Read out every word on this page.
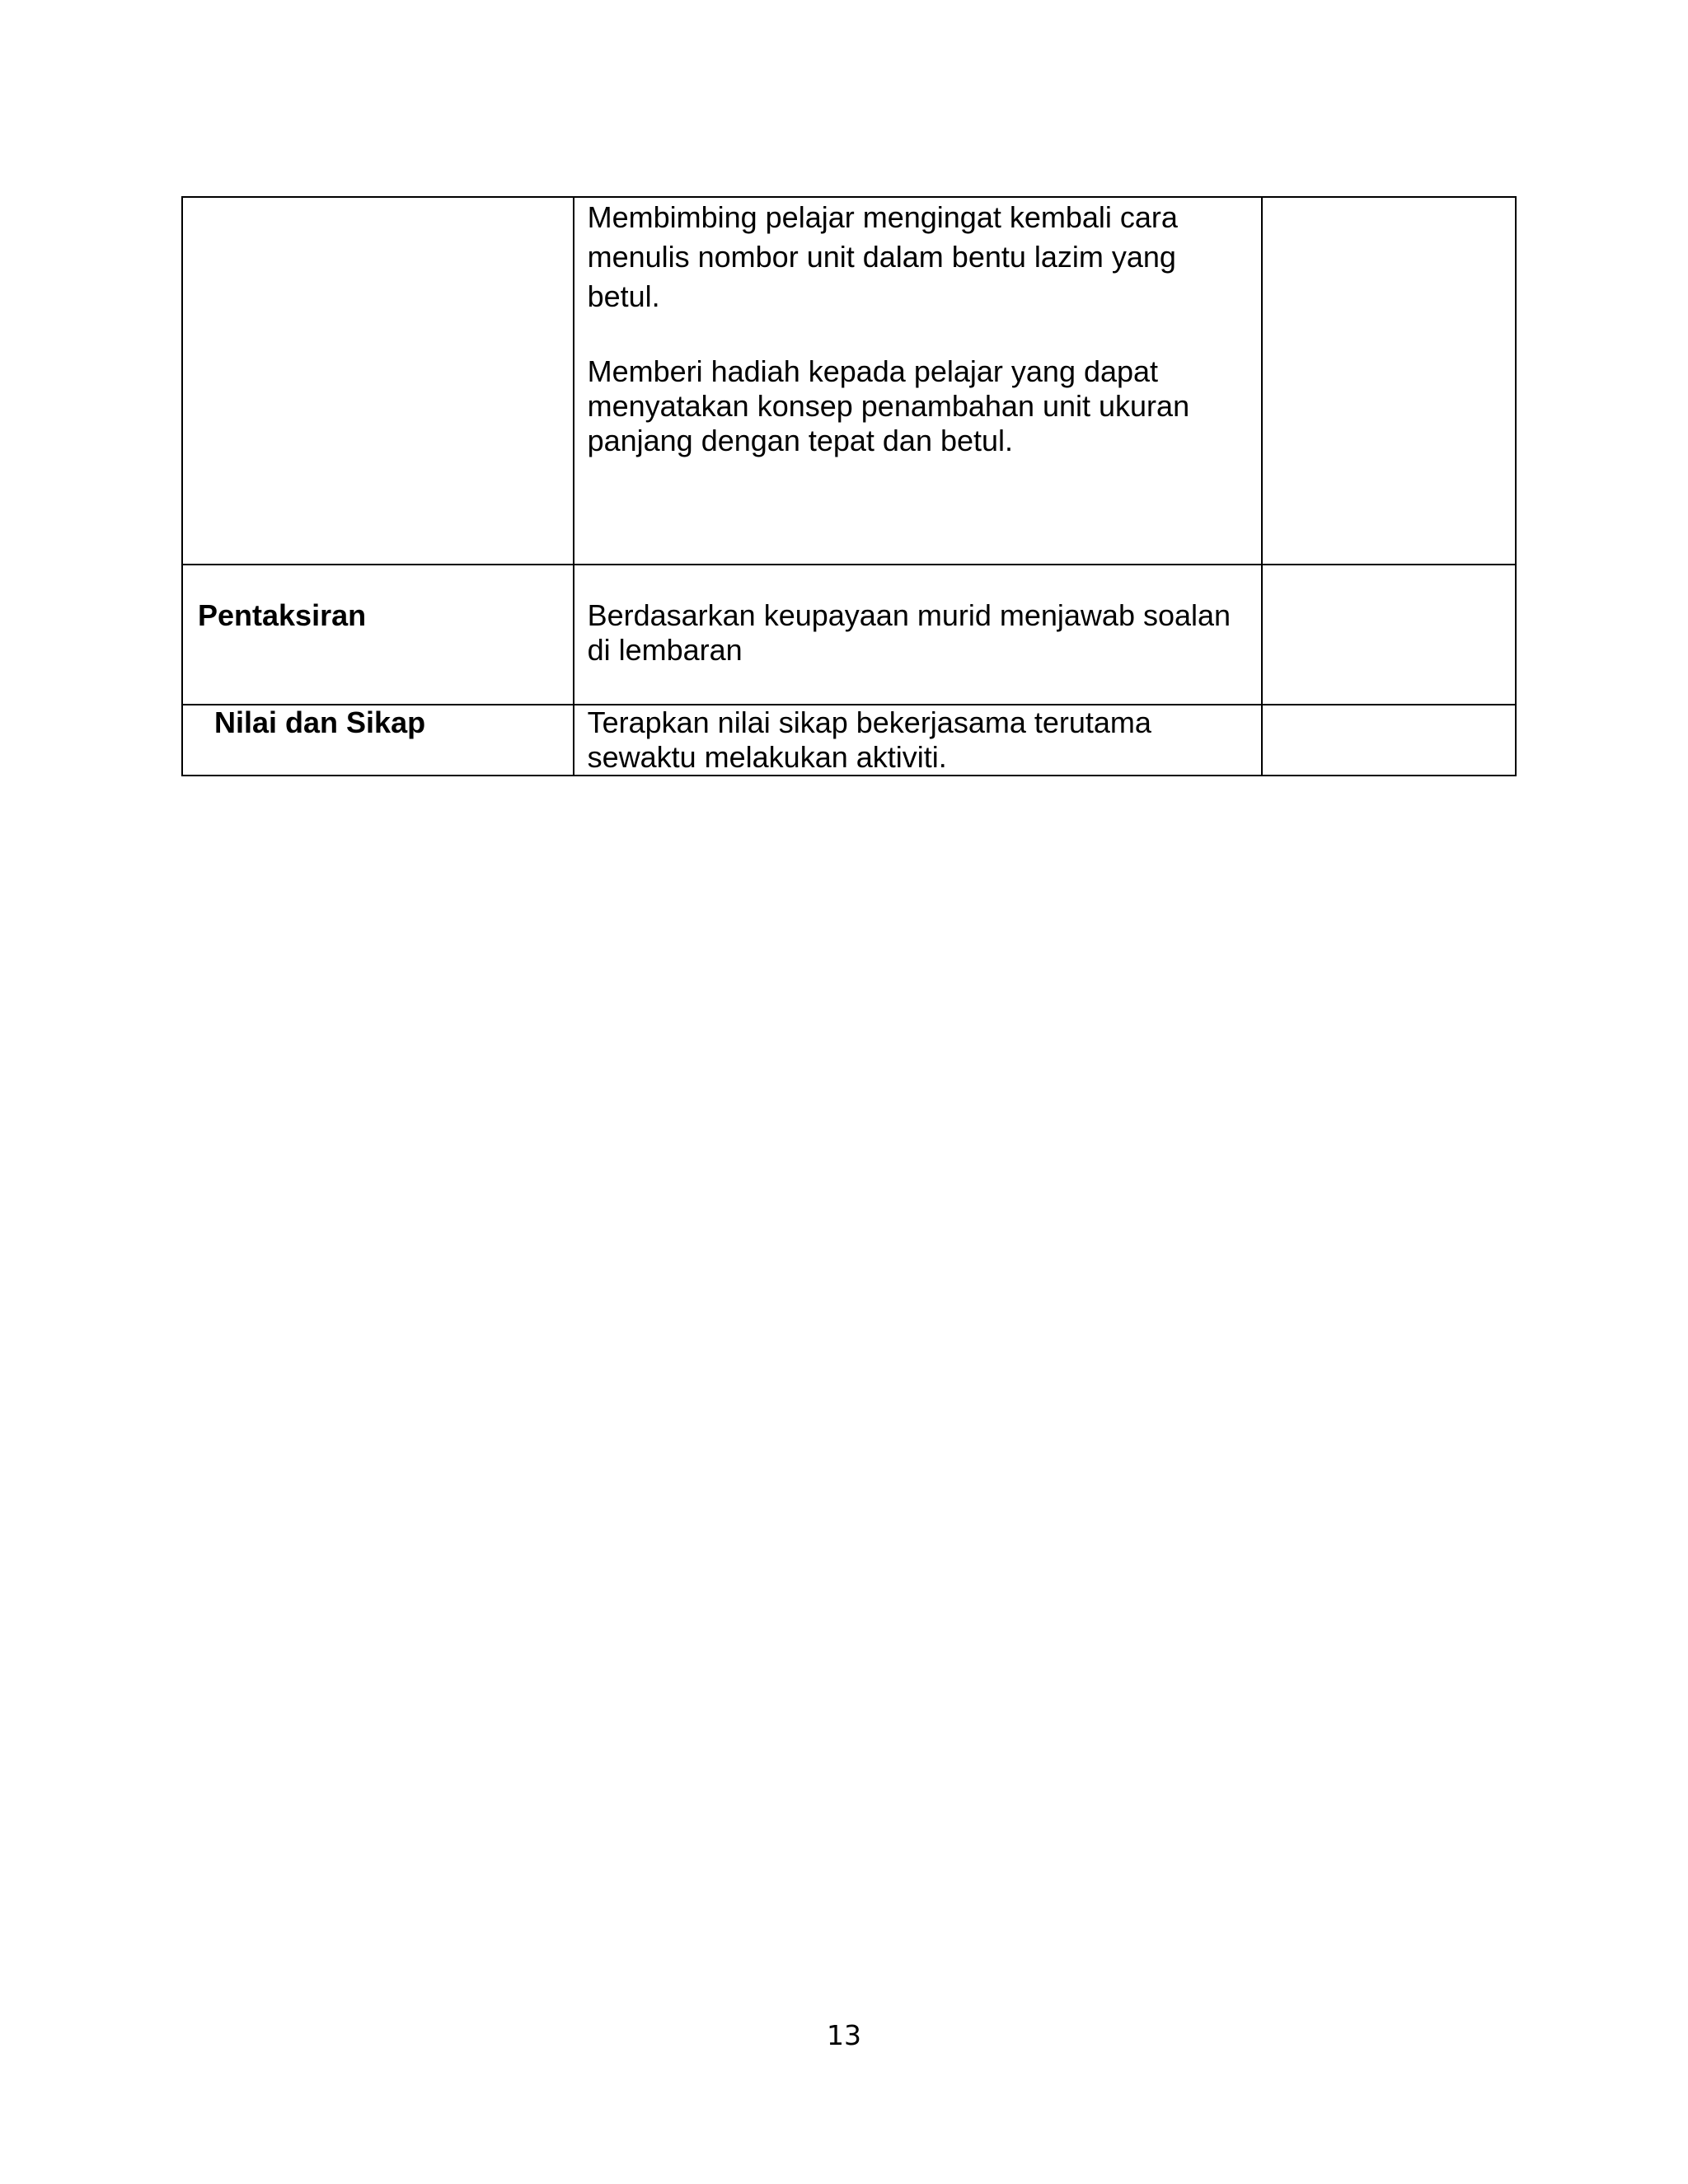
	Membimbing pelajar mengingat kembali cara menulis nombor unit dalam bentu lazim yang betul.

Memberi hadiah kepada pelajar yang dapat menyatakan konsep penambahan unit ukuran panjang dengan tepat dan betul.	

Pentaksiran	Berdasarkan keupayaan murid menjawab soalan di lembaran	

Nilai dan Sikap	Terapkan nilai sikap bekerjasama terutama sewaktu melakukan aktiviti.	

13
